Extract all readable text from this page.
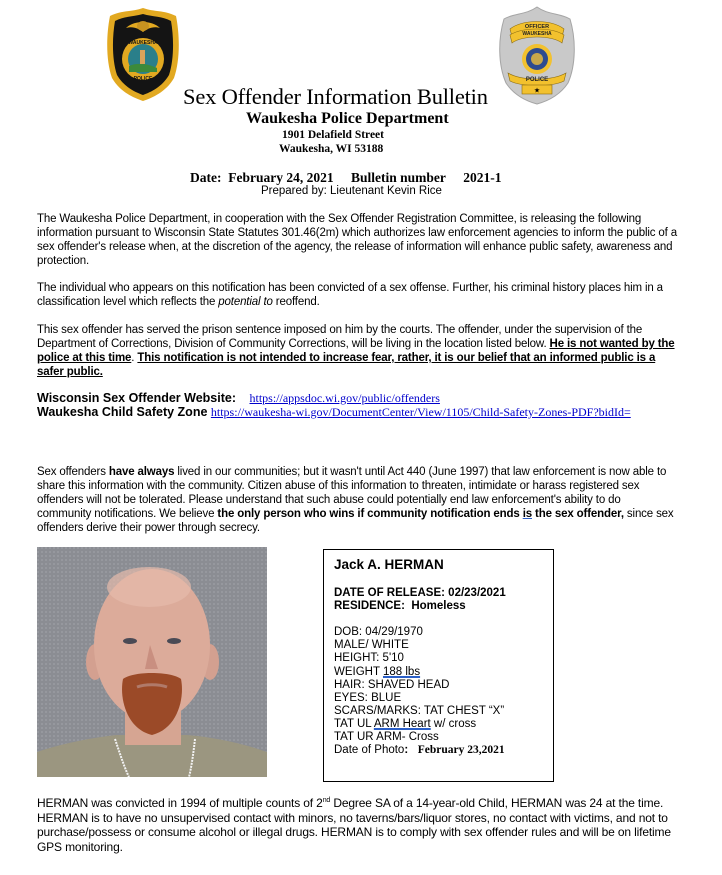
WAUKESHA
POLICE
★
OFFICER
WAUKESHA
POLICE
Sex Offender Information Bulletin
Waukesha Police Department
1901 Delafield Street
Waukesha, WI 53188
Date: February 24, 2021 Bulletin number 2021-1
Prepared by: Lieutenant Kevin Rice
The Waukesha Police Department, in cooperation with the Sex Offender Registration Committee, is releasing the following information pursuant to Wisconsin State Statutes 301.46(2m) which authorizes law enforcement agencies to inform the public of a sex offender's release when, at the discretion of the agency, the release of information will enhance public safety, awareness and protection.
The individual who appears on this notification has been convicted of a sex offense. Further, his criminal history places him in a classification level which reflects the potential to reoffend.
This sex offender has served the prison sentence imposed on him by the courts. The offender, under the supervision of the Department of Corrections, Division of Community Corrections, will be living in the location listed below. He is not wanted by the police at this time. This notification is not intended to increase fear, rather, it is our belief that an informed public is a safer public.
Wisconsin Sex Offender Website: https://appsdoc.wi.gov/public/offenders
Waukesha Child Safety Zone https://waukesha-wi.gov/DocumentCenter/View/1105/Child-Safety-Zones-PDF?bidId=
Sex offenders have always lived in our communities; but it wasn't until Act 440 (June 1997) that law enforcement is now able to share this information with the community. Citizen abuse of this information to threaten, intimidate or harass registered sex offenders will not be tolerated. Please understand that such abuse could potentially end law enforcement's ability to do community notifications. We believe the only person who wins if community notification ends is the sex offender, since sex offenders derive their power through secrecy.
Jack A. HERMAN
DATE OF RELEASE: 02/23/2021
RESIDENCE: Homeless
DOB: 04/29/1970
MALE/ WHITE
HEIGHT: 5'10
WEIGHT 188 lbs
HAIR: SHAVED HEAD
EYES: BLUE
SCARS/MARKS: TAT CHEST “X”
TAT UL ARM Heart w/ cross
TAT UR ARM- Cross
Date of Photo: February 23,2021
HERMAN was convicted in 1994 of multiple counts of 2nd Degree SA of a 14-year-old Child, HERMAN was 24 at the time. HERMAN is to have no unsupervised contact with minors, no taverns/bars/liquor stores, no contact with victims, and not to purchase/possess or consume alcohol or illegal drugs. HERMAN is to comply with sex offender rules and will be on lifetime GPS monitoring.
